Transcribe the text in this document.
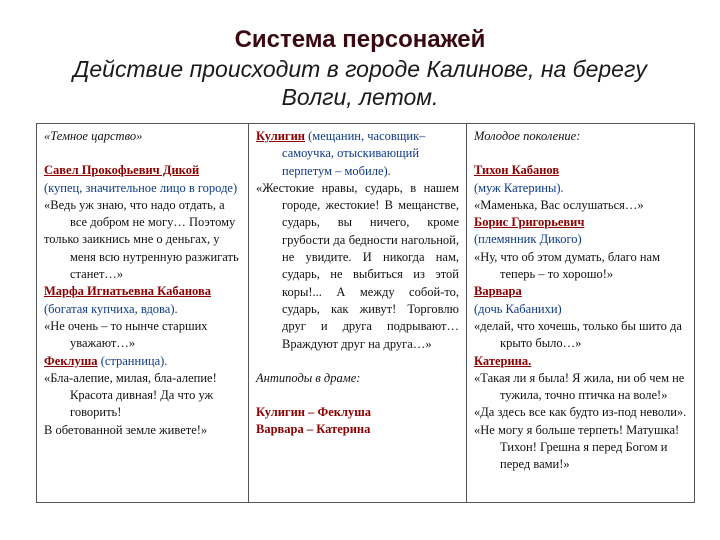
Система персонажей
Действие происходит в городе Калинове, на берегу
Волги, летом.

«Темное царство»

Савел Прокофьевич Дикой

(купец, значительное лицо в городе)

«Ведь уж знаю, что надо отдать, а все добром не могу… Поэтому

только заикнись мне о деньгах, у меня всю нутренную разжигать станет…»

Марфа Игнатьевна Кабанова

(богатая купчиха, вдова).

«Не очень – то нынче старших уважают…»

Феклуша (странница).

«Бла-алепие, милая, бла-алепие! Красота дивная! Да что уж говорить!

В обетованной земле живете!»

Кулигин (мещанин, часовщик–самоучка, отыскивающий перпетум – мобиле).

«Жестокие нравы, сударь, в нашем городе, жестокие! В мещанстве, сударь, вы ничего, кроме грубости да бедности нагольной, не увидите. И никогда нам, сударь, не выбиться из этой коры!... А между собой-то, сударь, как живут! Торговлю друг и друга подрывают… Враждуют друг на друга…»

Антиподы в драме:

Кулигин – Феклуша

Варвара – Катерина

Молодое поколение:

Тихон Кабанов

(муж Катерины).

«Маменька, Вас ослушаться…»

Борис Григорьевич

(племянник Дикого)

«Ну, что об этом думать, благо нам теперь – то хорошо!»

Варвара

(дочь Кабанихи)

«делай, что хочешь, только бы шито да крыто было…»

Катерина.

«Такая ли я была! Я жила, ни об чем не тужила, точно птичка на воле!»

«Да здесь все как будто из-под неволи».

«Не могу я больше терпеть! Матушка! Тихон! Грешна я перед Богом и перед вами!»
